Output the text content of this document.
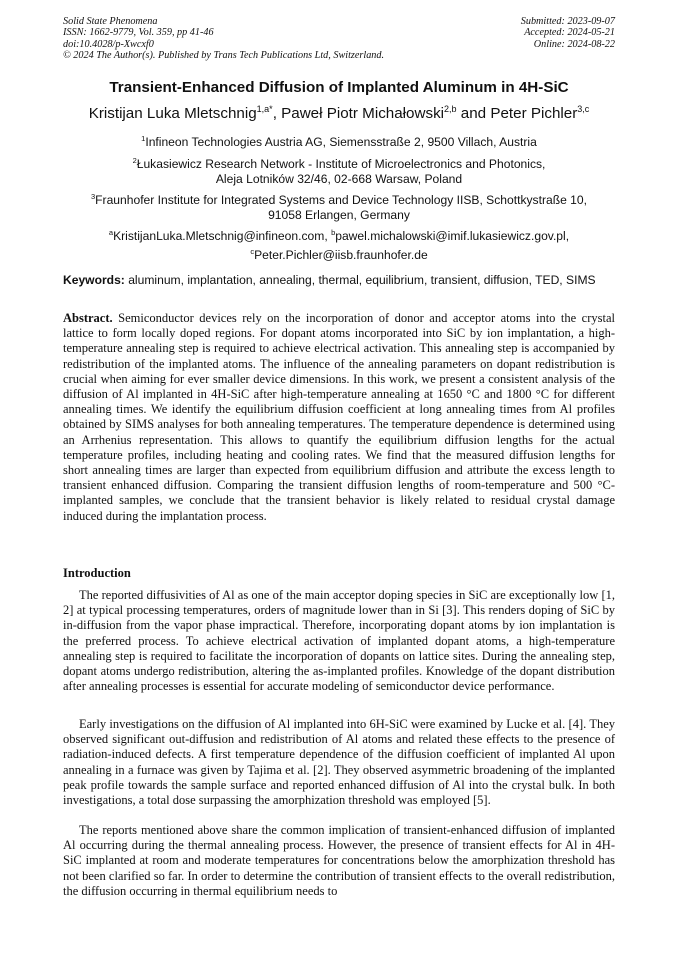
Solid State Phenomena
ISSN: 1662-9779, Vol. 359, pp 41-46
doi:10.4028/p-Xwcxf0
© 2024 The Author(s). Published by Trans Tech Publications Ltd, Switzerland.
Submitted: 2023-09-07
Accepted: 2024-05-21
Online: 2024-08-22
Transient-Enhanced Diffusion of Implanted Aluminum in 4H-SiC
Kristijan Luka Mletschnig$^{1,a*}$, Paweł Piotr Michałowski$^{2,b}$ and Peter Pichler$^{3,c}$
$^1$Infineon Technologies Austria AG, Siemensstraße 2, 9500 Villach, Austria
$^2$Łukasiewicz Research Network - Institute of Microelectronics and Photonics,
Aleja Lotników 32/46, 02-668 Warsaw, Poland
$^3$Fraunhofer Institute for Integrated Systems and Device Technology IISB, Schottkystraße 10,
91058 Erlangen, Germany
$^a$KristijanLuka.Mletschnig@infineon.com, $^b$pawel.michalowski@imif.lukasiewicz.gov.pl,
$^c$Peter.Pichler@iisb.fraunhofer.de
Keywords: aluminum, implantation, annealing, thermal, equilibrium, transient, diffusion, TED, SIMS
Abstract. Semiconductor devices rely on the incorporation of donor and acceptor atoms into the crystal lattice to form locally doped regions. For dopant atoms incorporated into SiC by ion implantation, a high-temperature annealing step is required to achieve electrical activation. This annealing step is accompanied by redistribution of the implanted atoms. The influence of the annealing parameters on dopant redistribution is crucial when aiming for ever smaller device dimensions. In this work, we present a consistent analysis of the diffusion of Al implanted in 4H-SiC after high-temperature annealing at 1650 °C and 1800 °C for different annealing times. We identify the equilibrium diffusion coefficient at long annealing times from Al profiles obtained by SIMS analyses for both annealing temperatures. The temperature dependence is determined using an Arrhenius representation. This allows to quantify the equilibrium diffusion lengths for the actual temperature profiles, including heating and cooling rates. We find that the measured diffusion lengths for short annealing times are larger than expected from equilibrium diffusion and attribute the excess length to transient enhanced diffusion. Comparing the transient diffusion lengths of room-temperature and 500 °C-implanted samples, we conclude that the transient behavior is likely related to residual crystal damage induced during the implantation process.
Introduction
The reported diffusivities of Al as one of the main acceptor doping species in SiC are exceptionally low [1, 2] at typical processing temperatures, orders of magnitude lower than in Si [3]. This renders doping of SiC by in-diffusion from the vapor phase impractical. Therefore, incorporating dopant atoms by ion implantation is the preferred process. To achieve electrical activation of implanted dopant atoms, a high-temperature annealing step is required to facilitate the incorporation of dopants on lattice sites. During the annealing step, dopant atoms undergo redistribution, altering the as-implanted profiles. Knowledge of the dopant distribution after annealing processes is essential for accurate modeling of semiconductor device performance.
Early investigations on the diffusion of Al implanted into 6H-SiC were examined by Lucke et al. [4]. They observed significant out-diffusion and redistribution of Al atoms and related these effects to the presence of radiation-induced defects. A first temperature dependence of the diffusion coefficient of implanted Al upon annealing in a furnace was given by Tajima et al. [2]. They observed asymmetric broadening of the implanted peak profile towards the sample surface and reported enhanced diffusion of Al into the crystal bulk. In both investigations, a total dose surpassing the amorphization threshold was employed [5].
The reports mentioned above share the common implication of transient-enhanced diffusion of implanted Al occurring during the thermal annealing process. However, the presence of transient effects for Al in 4H-SiC implanted at room and moderate temperatures for concentrations below the amorphization threshold has not been clarified so far. In order to determine the contribution of transient effects to the overall redistribution, the diffusion occurring in thermal equilibrium needs to
